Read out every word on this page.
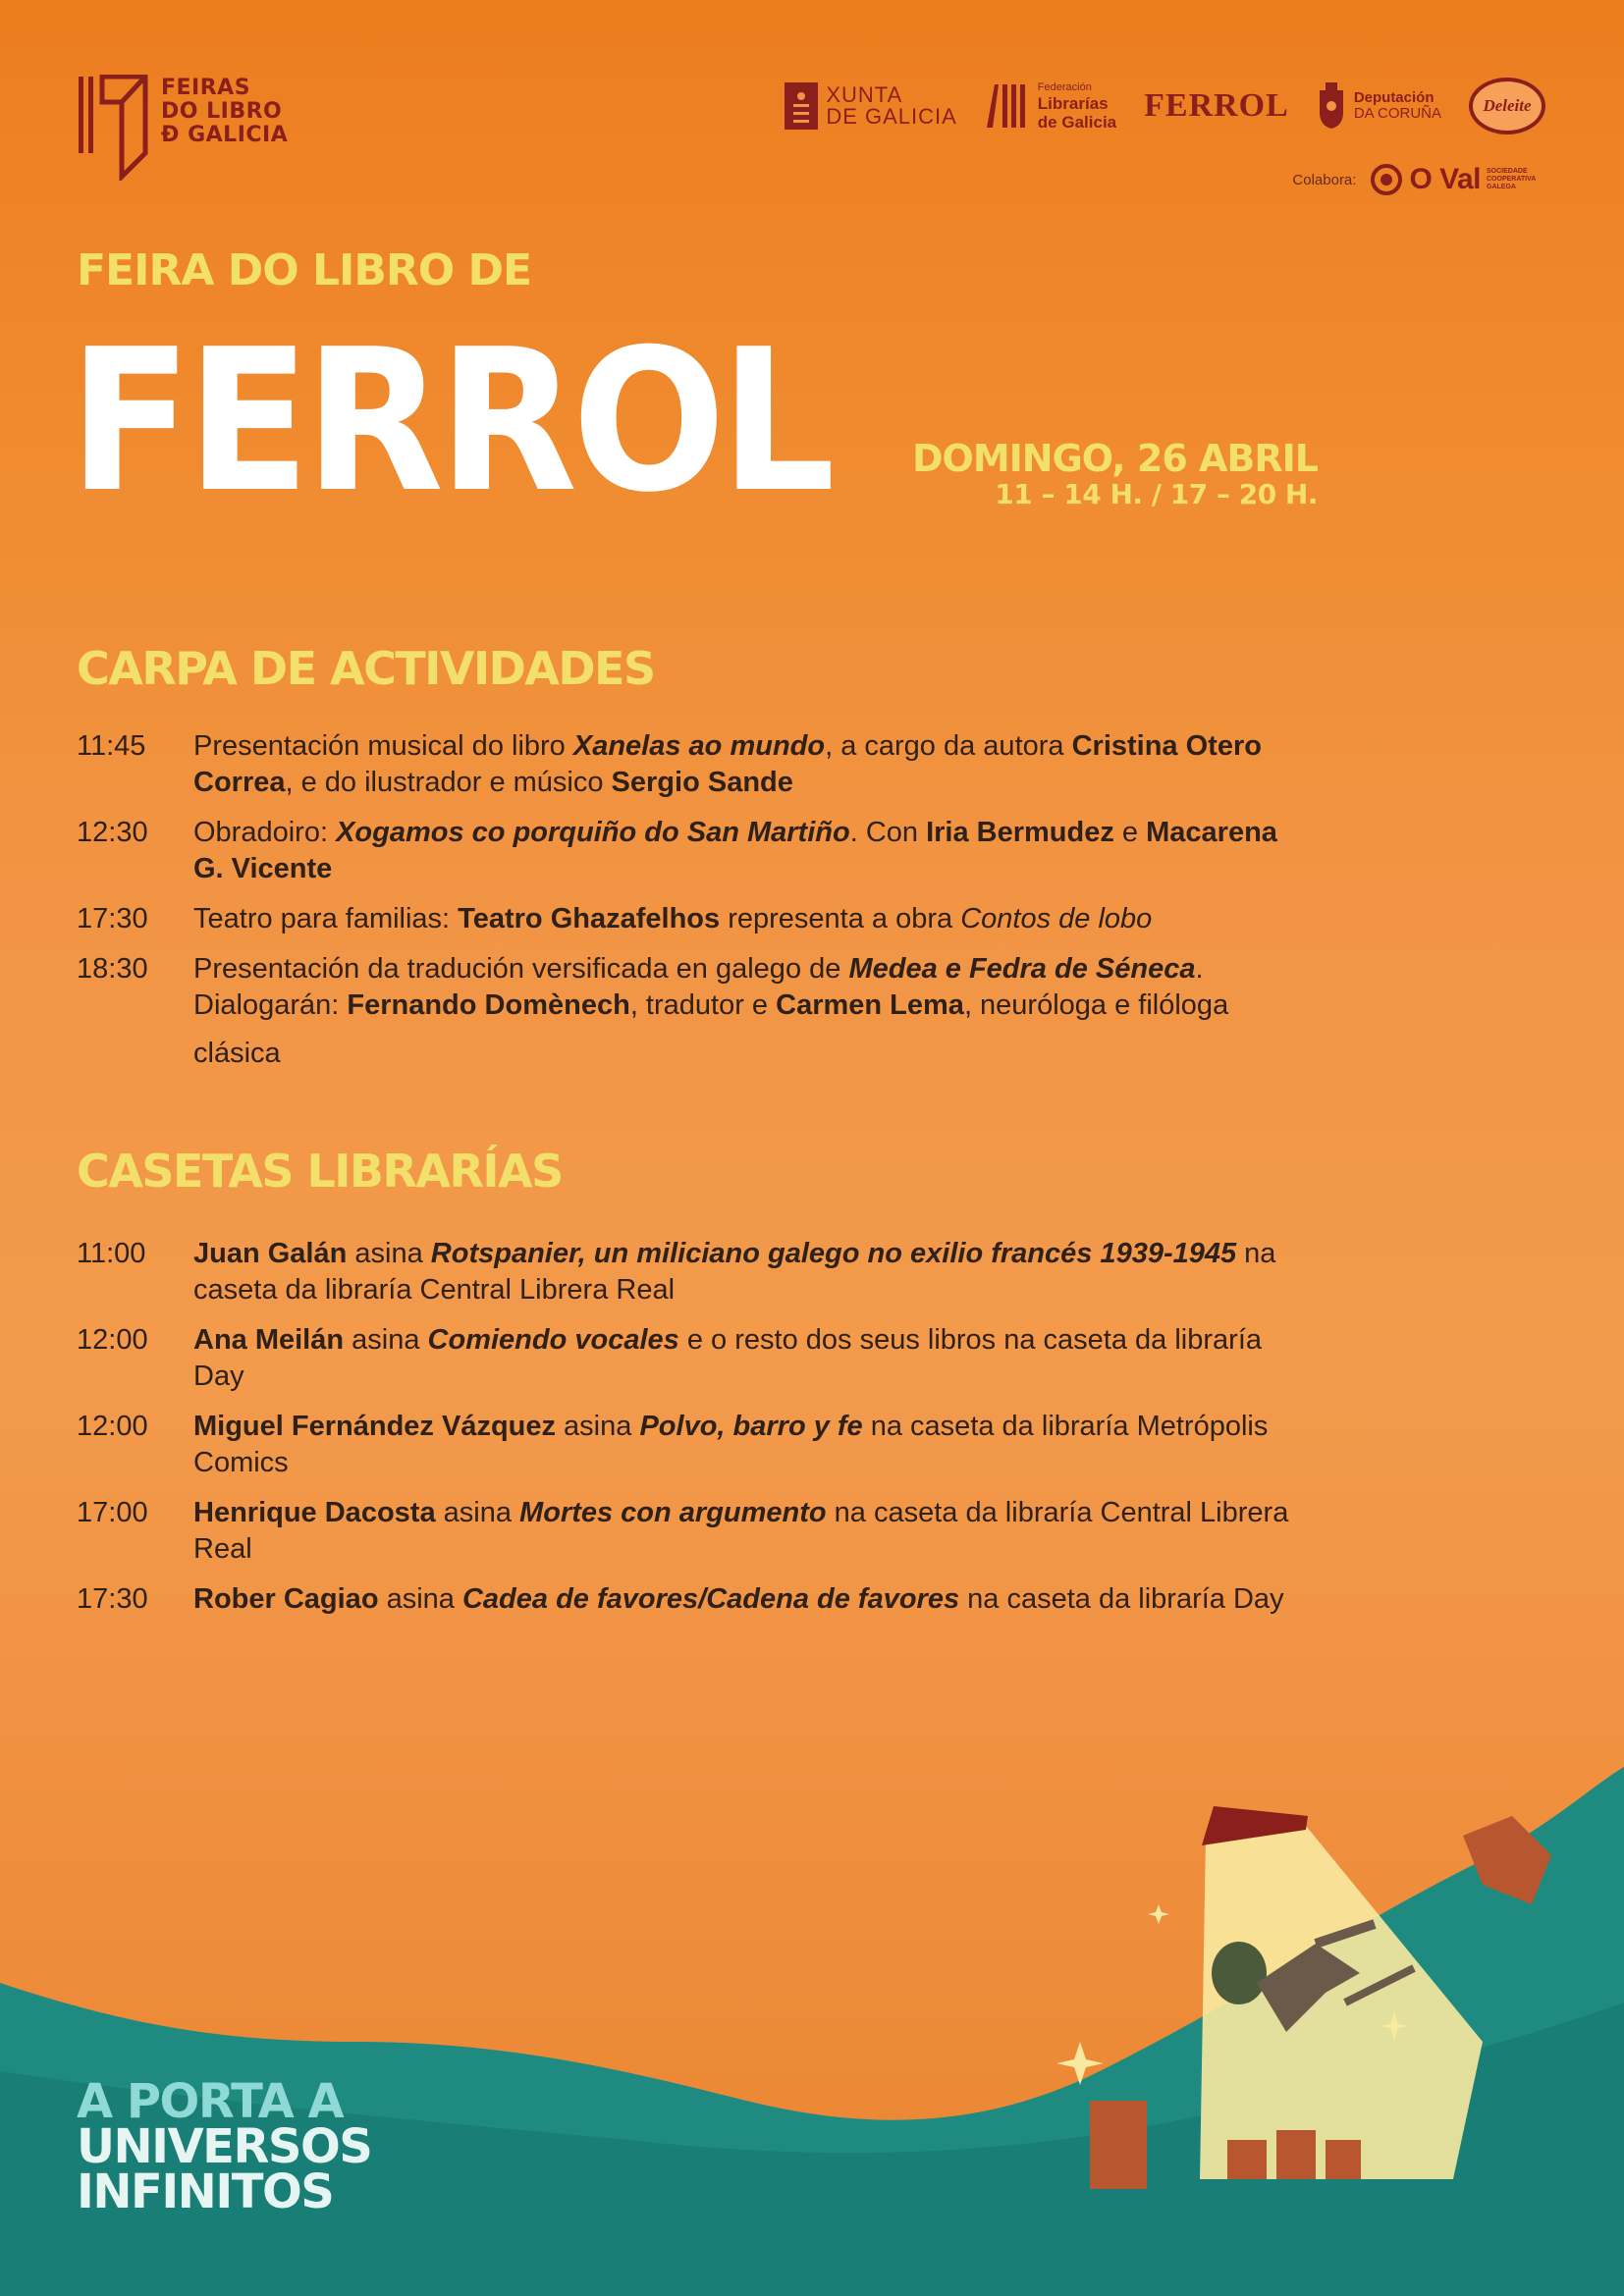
FEIRAS
DO LIBRO
Đ GALICIA
XUNTA
DE GALICIA
Federación
Librarías
de Galicia FERROL	Deputación
DA CORUÑA	Deleite
Colabora: O Val SOCIEDADE COOPERATIVA GALEGA
FEIRA DO LIBRO DE
FERROL DOMINGO, 26 ABRIL
11 – 14 H. / 17 – 20 H.
CARPA DE ACTIVIDADES
11:45	Presentación musical do libro Xanelas ao mundo, a cargo da autora Cristina Otero Correa, e do ilustrador e músico Sergio Sande
12:30	Obradoiro: Xogamos co porquiño do San Martiño. Con Iria Bermudez e Macarena G. Vicente
17:30	Teatro para familias: Teatro Ghazafelhos representa a obra Contos de lobo
18:30	Presentación da tradución versificada en galego de Medea e Fedra de Séneca. Dialogarán: Fernando Domènech, tradutor e Carmen Lema, neuróloga e filóloga
clásica
CASETAS LIBRARÍAS
11:00	Juan Galán asina Rotspanier, un miliciano galego no exilio francés 1939-1945 na caseta da libraría Central Librera Real
12:00	Ana Meilán asina Comiendo vocales e o resto dos seus libros na caseta da libraría Day
12:00	Miguel Fernández Vázquez asina Polvo, barro y fe na caseta da libraría Metrópolis Comics
17:00	Henrique Dacosta asina Mortes con argumento na caseta da libraría Central Librera Real
17:30	Rober Cagiao asina Cadea de favores/Cadena de favores na caseta da libraría Day
A PORTA A
UNIVERSOS
INFINITOS
